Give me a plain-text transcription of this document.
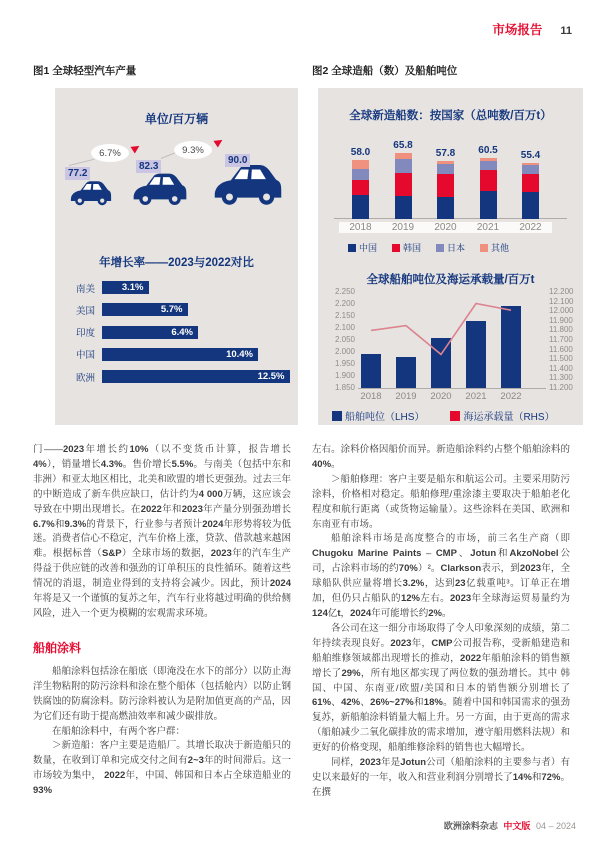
市场报告 11
图1 全球轻型汽车产量	图2 全球造船（数）及船舶吨位
单位/百万辆
77.2
82.3
90.0
6.7%	9.3%
年增长率——2023与2022对比
南美	3.1%
美国	5.7%
印度	6.4%
中国	10.4%
欧洲	12.5%
全球新造船数：按国家（总吨数/百万t）
58.0
2018
65.8
2019
57.8
2020
60.5
2021
55.4
2022
中国	韩国	日本	其他
全球船舶吨位及海运承载量/百万t
2.250
2.200
2.150
2.100
2.050
2.000
1.950
1.900
1.850
12.200
12.100
12.000
11.900
11.800
11.700
11.600
11.500
11.400
11.300
11.200
2018	2019	2020	2021	2022
船舶吨位（LHS）	海运承载量（RHS）

门——2023年增长约10%（以不变货币计算，报告增长4%），销量增长4.3%。售价增长5.5%。与南美（包括中东和非洲）和亚太地区相比，北美和欧盟的增长更强劲。过去三年的中断造成了新车供应缺口，估计约为4 000万辆，这应该会导致在中期出现增长。在2022年和2023年产量分别强劲增长6.7%和9.3%的背景下，行业参与者预计2024年形势将较为低迷。消费者信心不稳定，汽车价格上涨，贷款、借款越来越困难。根据标普（S&P）全球市场的数据，2023年的汽车生产得益于供应链的改善和强劲的订单积压的良性循环。随着这些情况的消退，制造业得到的支持将会减少。因此，预计2024年将是又一个谨慎的复苏之年，汽车行业将越过明确的供给侧风险，进入一个更为模糊的宏观需求环境。

船舶涂料

船舶涂料包括涂在船底（即淹没在水下的部分）以防止海洋生物粘附的防污涂料和涂在整个船体（包括舱内）以防止钢铁腐蚀的防腐涂料。防污涂料被认为是附加值更高的产品，因为它们还有助于提高燃油效率和减少碳排放。

在船舶涂料中，有两个客户群：

＞新造船：客户主要是造船厂。其增长取决于新造船只的数量，在收到订单和完成交付之间有2~3年的时间滞后。这一市场较为集中， 2022年，中国、韩国和日本占全球造船业的93%

左右。涂料价格因船价而异。新造船涂料约占整个船舶涂料的40%。

＞船舶修理：客户主要是船东和航运公司。主要采用防污涂料，价格相对稳定。船舶修理/重涂漆主要取决于船舶老化程度和航行距离（或货物运输量）。这些涂料在美国、欧洲和东南亚有市场。

船舶涂料市场是高度整合的市场，前三名生产商（即Chugoku Marine Paints – CMP、Jotun和AkzoNobel公司，占涂料市场的约70%）²。Clarkson表示，到2023年，全球船队供应量将增长3.2%，达到23亿载重吨³。订单正在增加，但仍只占船队的12%左右。2023年全球海运贸易量约为124亿t，2024年可能增长约2%。

各公司在这一细分市场取得了令人印象深刻的成绩，第二年持续表现良好。2023年，CMP公司报告称，受新船建造和船舶维修领域都出现增长的推动，2022年船舶涂料的销售额增长了29%，所有地区都实现了两位数的强劲增长。其中 韩国、中国、东南亚/欧盟/美国和日本的销售额分别增长了61%、42%、26%~27%和18%。随着中国和韩国需求的强劲复苏，新船舶涂料销量大幅上升。另一方面，由于更高的需求（船舶减少二氧化碳排放的需求增加，遵守船用燃料法规）和更好的价格变现，船舶维修涂料的销售也大幅增长。

同样，2023年是Jotun公司（船舶涂料的主要参与者）有史以来最好的一年，收入和营业利润分别增长了14%和72%。在撰

欧洲涂料杂志 中文版 04 – 2024
